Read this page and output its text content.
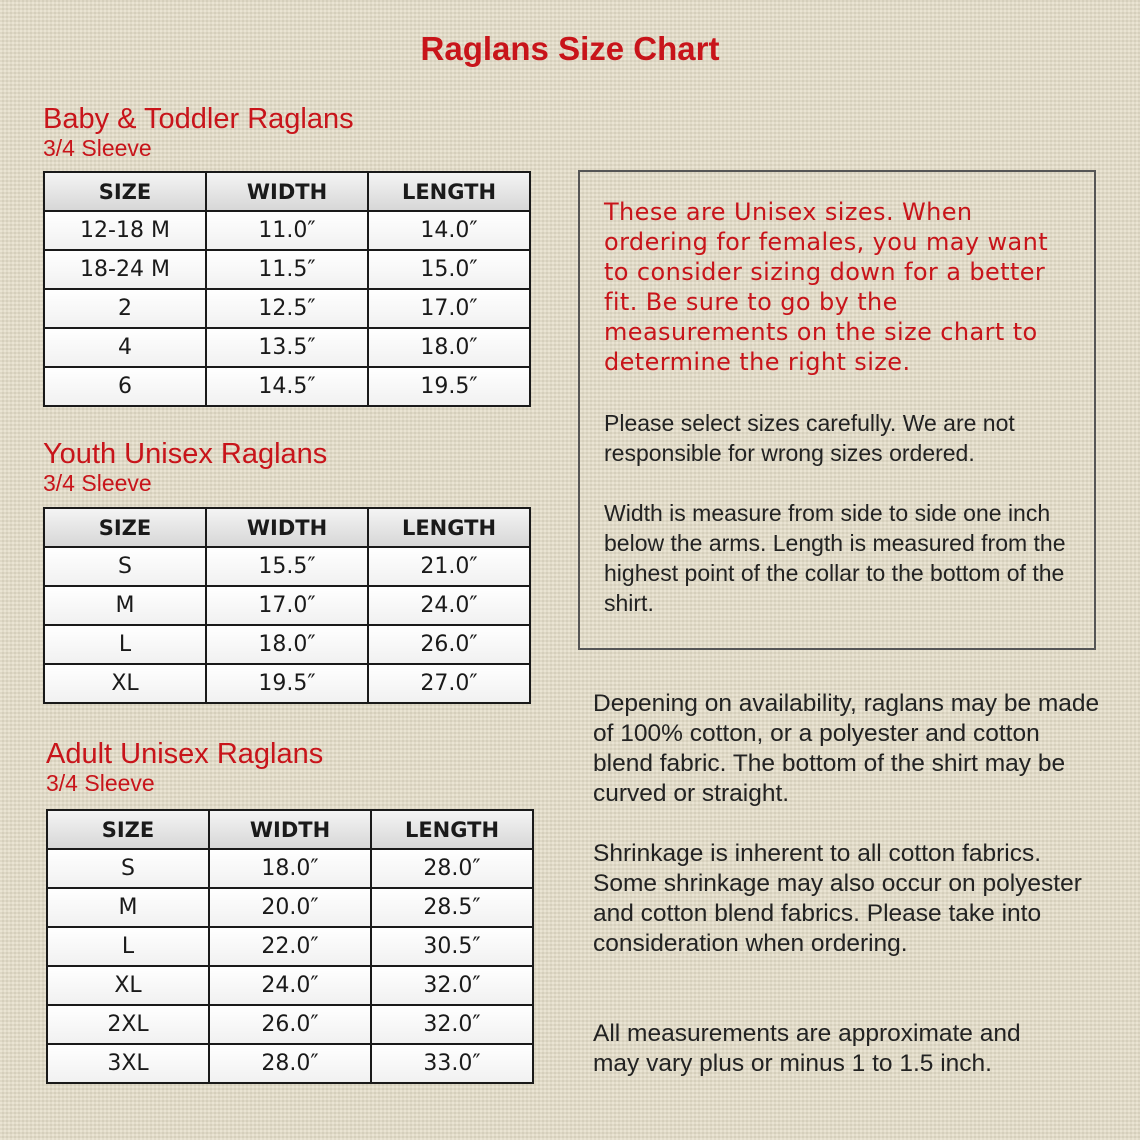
Raglans Size Chart

Baby & Toddler Raglans

3/4 Sleeve

SIZE	WIDTH	LENGTH
12-18 M	11.0″	14.0″
18-24 M	11.5″	15.0″
2	12.5″	17.0″
4	13.5″	18.0″
6	14.5″	19.5″

Youth Unisex Raglans

3/4 Sleeve

SIZE	WIDTH	LENGTH
S	15.5″	21.0″
M	17.0″	24.0″
L	18.0″	26.0″
XL	19.5″	27.0″

Adult Unisex Raglans

3/4 Sleeve

SIZE	WIDTH	LENGTH
S	18.0″	28.0″
M	20.0″	28.5″
L	22.0″	30.5″
XL	24.0″	32.0″
2XL	26.0″	32.0″
3XL	28.0″	33.0″

These are Unisex sizes. When ordering for females, you may want to consider sizing down for a better fit. Be sure to go by the measurements on the size chart to determine the right size.

Please select sizes carefully. We are not responsible for wrong sizes ordered.

Width is measure from side to side one inch below the arms. Length is measured from the highest point of the collar to the bottom of the shirt.

Depening on availability, raglans may be made of 100% cotton, or a polyester and cotton blend fabric. The bottom of the shirt may be curved or straight.

Shrinkage is inherent to all cotton fabrics. Some shrinkage may also occur on polyester and cotton blend fabrics. Please take into consideration when ordering.

All measurements are approximate and may vary plus or minus 1 to 1.5 inch.
